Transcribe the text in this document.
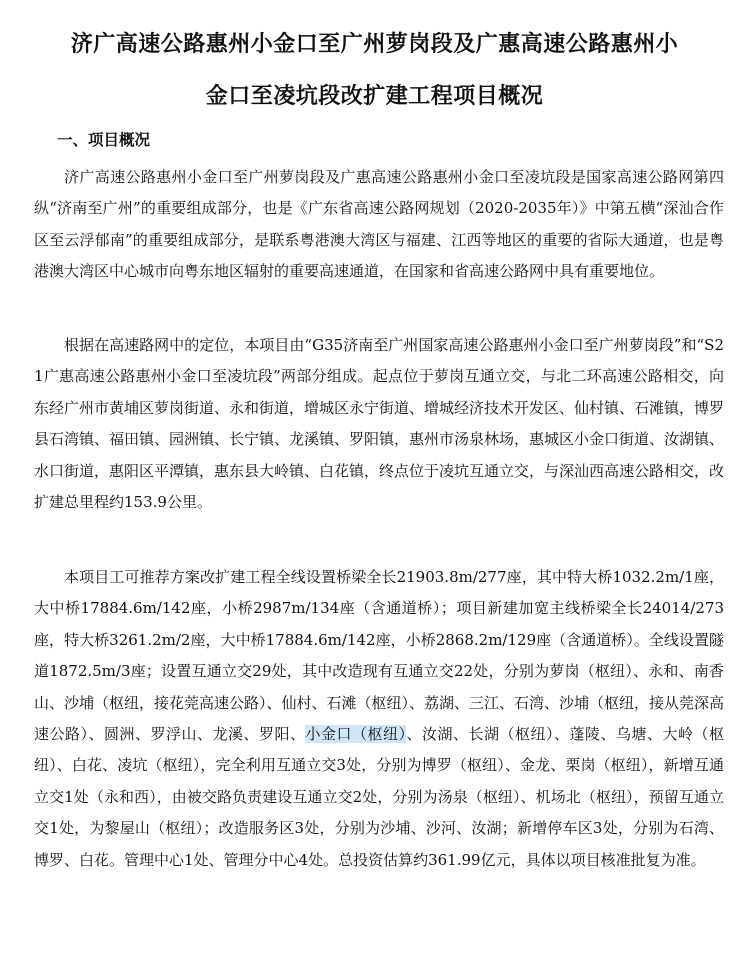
济广高速公路惠州小金口至广州萝岗段及广惠高速公路惠州小
金口至凌坑段改扩建工程项目概况
一、项目概况

济广高速公路惠州小金口至广州萝岗段及广惠高速公路惠州小金口至凌坑段是国家高速公路网第四纵“济南至广州”的重要组成部分，也是《广东省高速公路网规划（2020-2035年）》中第五横“深汕合作区至云浮郁南”的重要组成部分，是联系粤港澳大湾区与福建、江西等地区的重要的省际大通道，也是粤港澳大湾区中心城市向粤东地区辐射的重要高速通道，在国家和省高速公路网中具有重要地位。

根据在高速路网中的定位，本项目由“G35济南至广州国家高速公路惠州小金口至广州萝岗段”和“S21广惠高速公路惠州小金口至凌坑段”两部分组成。起点位于萝岗互通立交，与北二环高速公路相交，向东经广州市黄埔区萝岗街道、永和街道，增城区永宁街道、增城经济技术开发区、仙村镇、石滩镇，博罗县石湾镇、福田镇、园洲镇、长宁镇、龙溪镇、罗阳镇，惠州市汤泉林场，惠城区小金口街道、汝湖镇、水口街道，惠阳区平潭镇，惠东县大岭镇、白花镇，终点位于凌坑互通立交，与深汕西高速公路相交，改扩建总里程约153.9公里。

本项目工可推荐方案改扩建工程全线设置桥梁全长21903.8m/277座，其中特大桥1032.2m/1座，大中桥17884.6m/142座，小桥2987m/134座（含通道桥）；项目新建加宽主线桥梁全长24014/273座，特大桥3261.2m/2座，大中桥17884.6m/142座，小桥2868.2m/129座（含通道桥）。全线设置隧道1872.5m/3座；设置互通立交29处，其中改造现有互通立交22处，分别为萝岗（枢纽）、永和、南香山、沙埔（枢纽，接花莞高速公路）、仙村、石滩（枢纽）、荔湖、三江、石湾、沙埔（枢纽，接从莞深高速公路）、圆洲、罗浮山、龙溪、罗阳、小金口（枢纽）、汝湖、长湖（枢纽）、蓬陵、乌塘、大岭（枢纽）、白花、凌坑（枢纽），完全利用互通立交3处，分别为博罗（枢纽）、金龙、栗岗（枢纽），新增互通立交1处（永和西），由被交路负责建设互通立交2处，分别为汤泉（枢纽）、机场北（枢纽），预留互通立交1处，为黎屋山（枢纽）；改造服务区3处，分别为沙埔、沙河、汝湖；新增停车区3处，分别为石湾、博罗、白花。管理中心1处、管理分中心4处。总投资估算约361.99亿元，具体以项目核准批复为准。
